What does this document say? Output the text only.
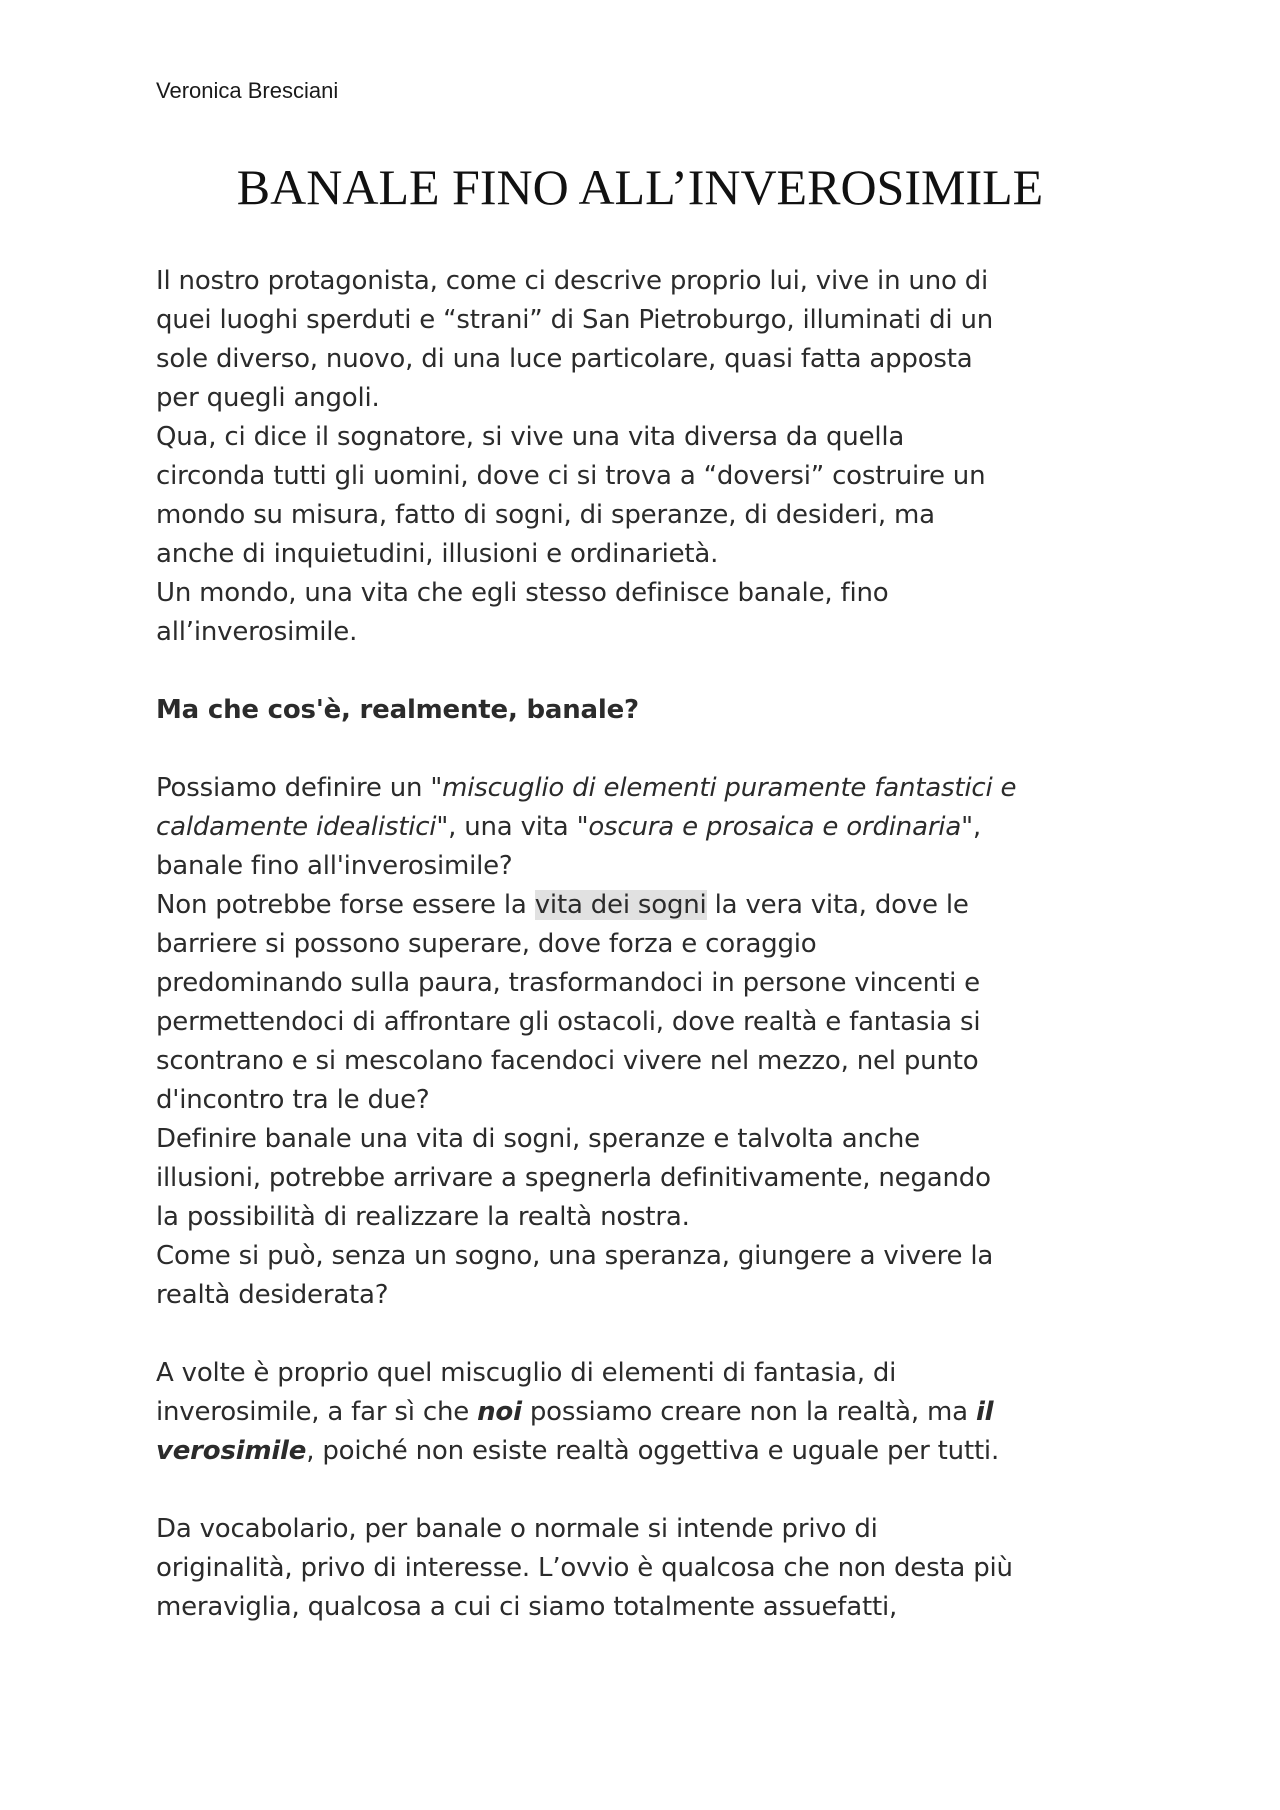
Veronica Bresciani
BANALE FINO ALL’INVEROSIMILE
Il nostro protagonista, come ci descrive proprio lui, vive in uno di
quei luoghi sperduti e “strani” di San Pietroburgo, illuminati di un
sole diverso, nuovo, di una luce particolare, quasi fatta apposta
per quegli angoli.
Qua, ci dice il sognatore, si vive una vita diversa da quella
circonda tutti gli uomini, dove ci si trova a “doversi” costruire un
mondo su misura, fatto di sogni, di speranze, di desideri, ma
anche di inquietudini, illusioni e ordinarietà.
Un mondo, una vita che egli stesso definisce banale, fino
all’inverosimile.
Ma che cos'è, realmente, banale?
Possiamo definire un "miscuglio di elementi puramente fantastici e
caldamente idealistici", una vita "oscura e prosaica e ordinaria",
banale fino all'inverosimile?
Non potrebbe forse essere la vita dei sogni la vera vita, dove le
barriere si possono superare, dove forza e coraggio
predominando sulla paura, trasformandoci in persone vincenti e
permettendoci di affrontare gli ostacoli, dove realtà e fantasia si
scontrano e si mescolano facendoci vivere nel mezzo, nel punto
d'incontro tra le due?
Definire banale una vita di sogni, speranze e talvolta anche
illusioni, potrebbe arrivare a spegnerla definitivamente, negando
la possibilità di realizzare la realtà nostra.
Come si può, senza un sogno, una speranza, giungere a vivere la
realtà desiderata?
A volte è proprio quel miscuglio di elementi di fantasia, di
inverosimile, a far sì che noi possiamo creare non la realtà, ma il
verosimile, poiché non esiste realtà oggettiva e uguale per tutti.
Da vocabolario, per banale o normale si intende privo di
originalità, privo di interesse. L’ovvio è qualcosa che non desta più
meraviglia, qualcosa a cui ci siamo totalmente assuefatti,
